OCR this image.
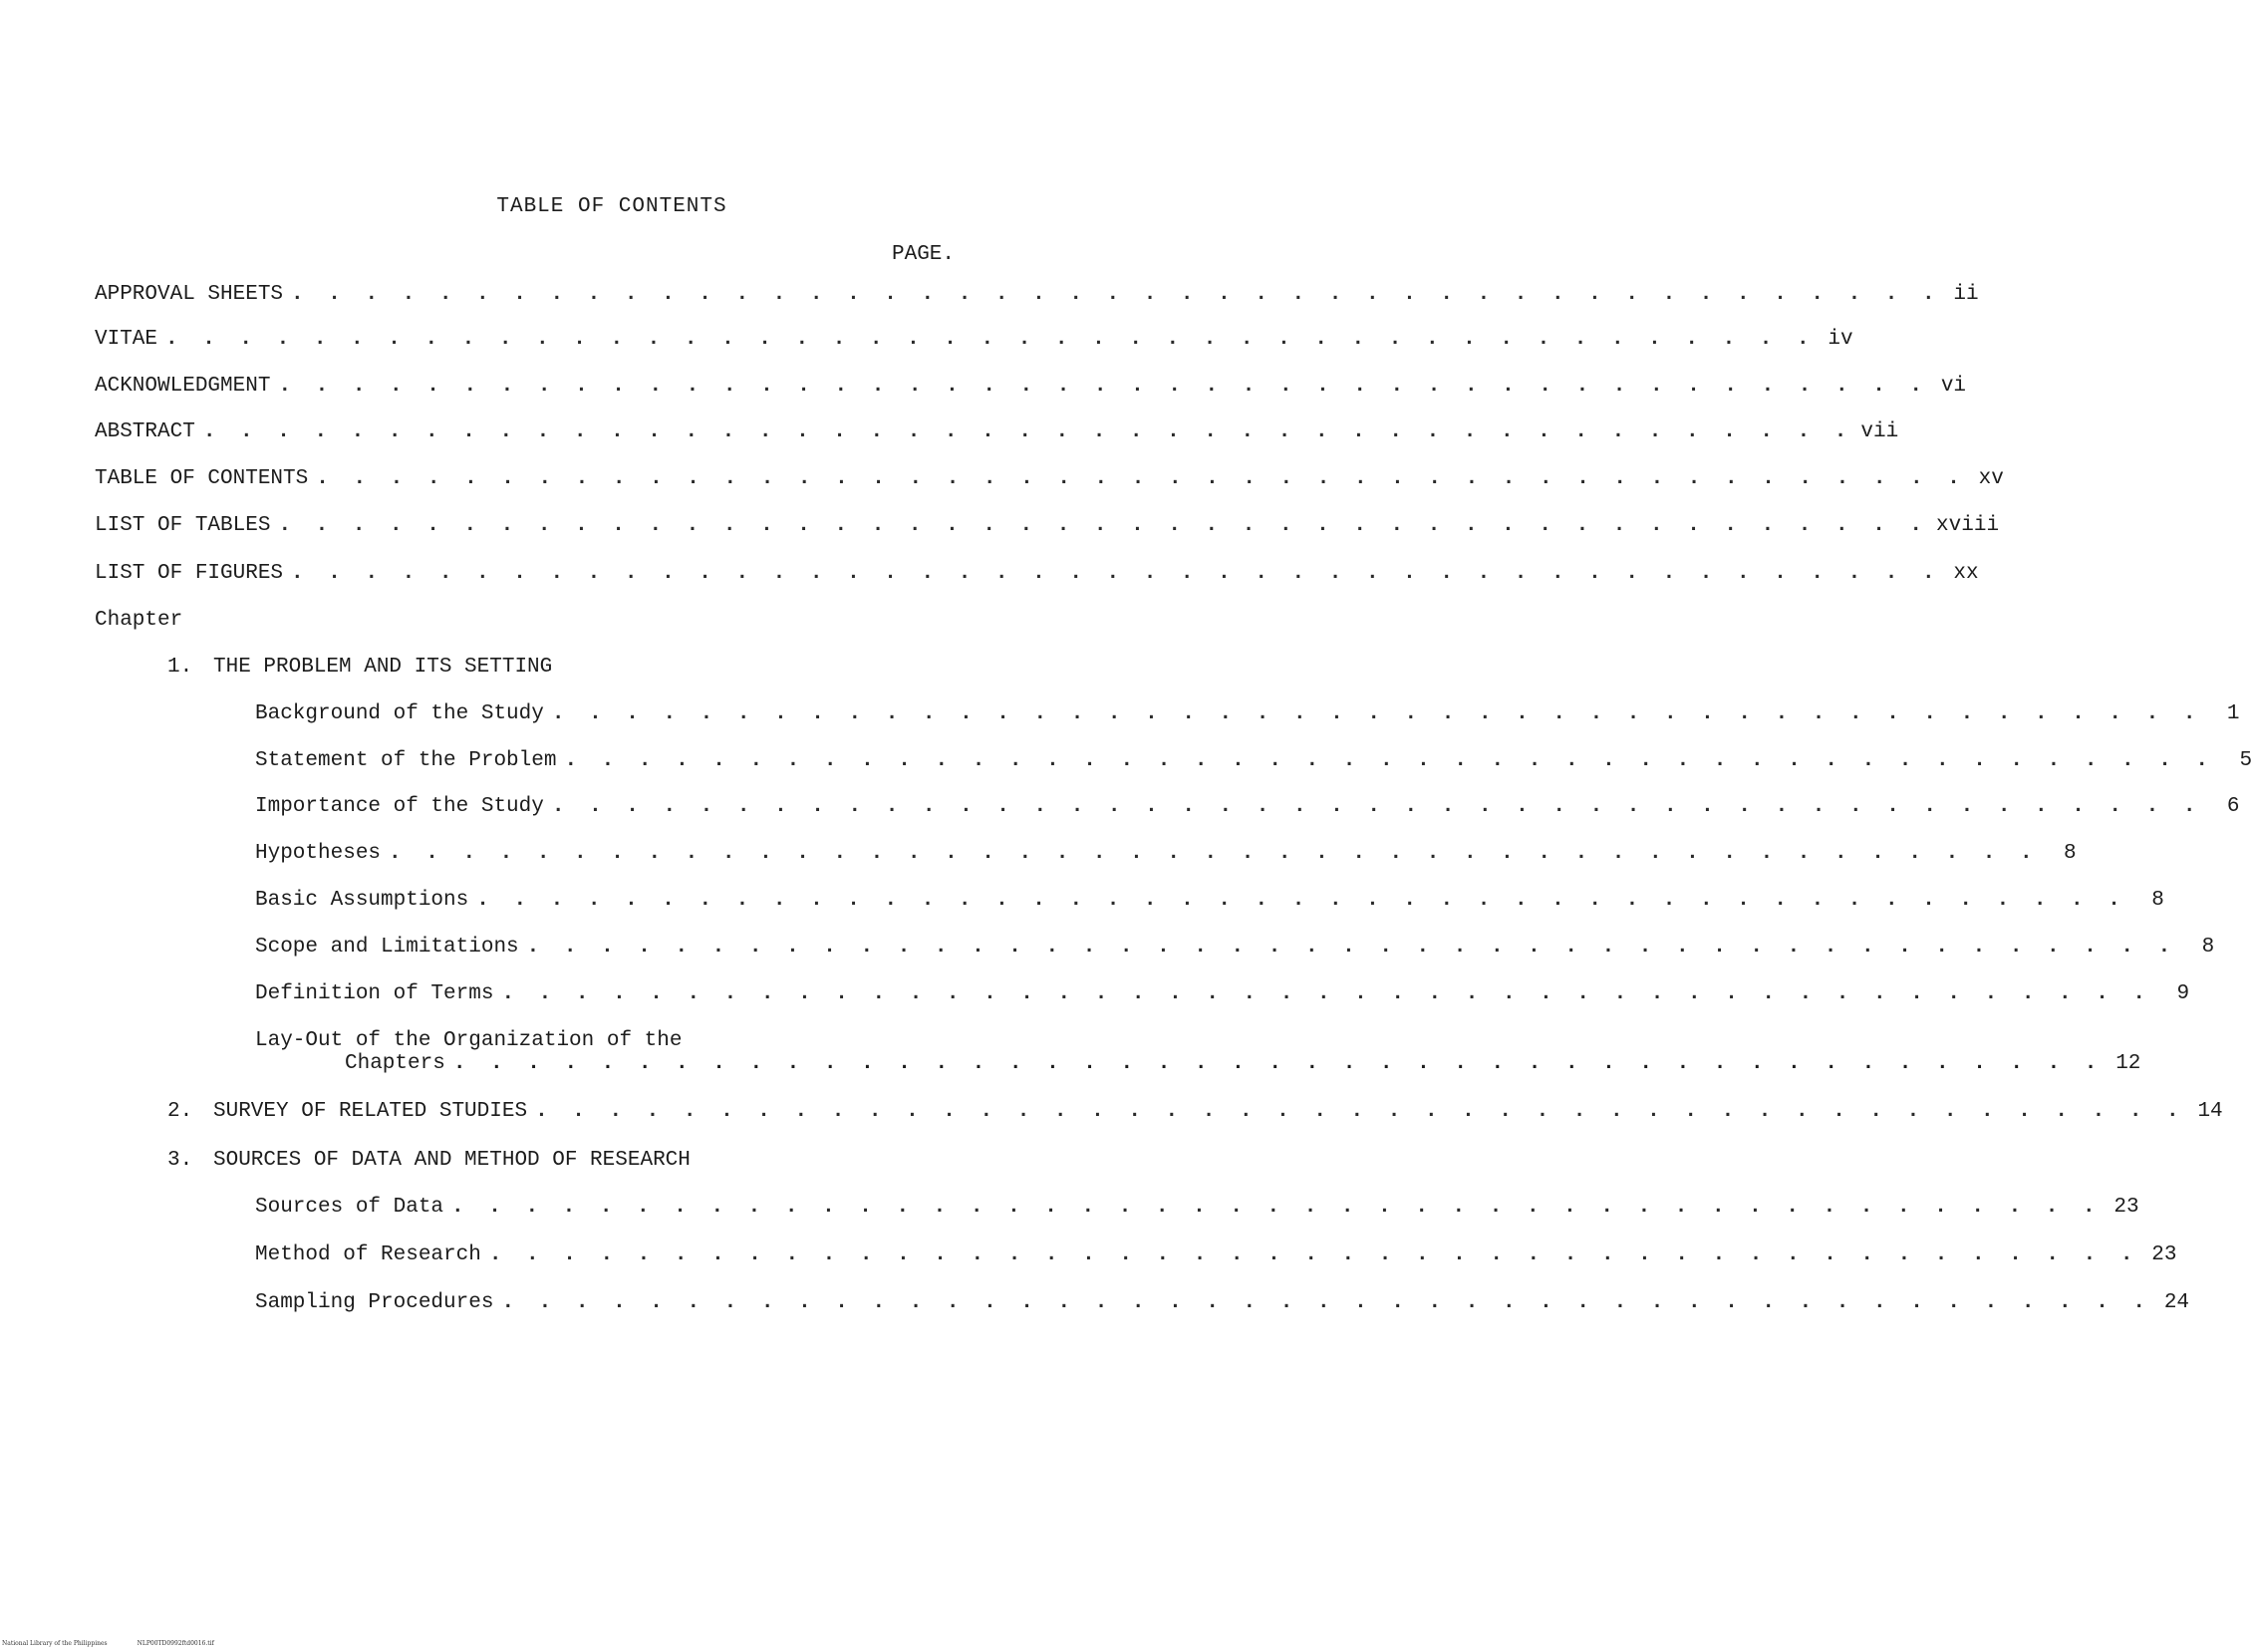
TABLE OF CONTENTS
PAGE.
APPROVAL SHEETS . . . . . . . . . . . . . . . . . . . . . . . . . . . . . . . . . . . . . . . . . . . . . ii
VITAE . . . . . . . . . . . . . . . . . . . . . . . . . . . . . . . . . . . . . . . . . . . . . iv
ACKNOWLEDGMENT . . . . . . . . . . . . . . . . . . . . . . . . . . . . . . . . . . . . . . . . . . . . . vi
ABSTRACT . . . . . . . . . . . . . . . . . . . . . . . . . . . . . . . . . . . . . . . . . . . . . vii
TABLE OF CONTENTS . . . . . . . . . . . . . . . . . . . . . . . . . . . . . . . . . . . . . . . . . . . . . xv
LIST OF TABLES . . . . . . . . . . . . . . . . . . . . . . . . . . . . . . . . . . . . . . . . . . . . . xviii
LIST OF FIGURES . . . . . . . . . . . . . . . . . . . . . . . . . . . . . . . . . . . . . . . . . . . . . xx
Chapter
1. THE PROBLEM AND ITS SETTING
Background of the Study . . . . . . . . . . . . . . . . . . . . . . . . . . . . . . . . . . . . . . . . . . . . .	1
Statement of the Problem . . . . . . . . . . . . . . . . . . . . . . . . . . . . . . . . . . . . . . . . . . . . .	5
Importance of the Study . . . . . . . . . . . . . . . . . . . . . . . . . . . . . . . . . . . . . . . . . . . . .	6
Hypotheses . . . . . . . . . . . . . . . . . . . . . . . . . . . . . . . . . . . . . . . . . . . . .	8
Basic Assumptions . . . . . . . . . . . . . . . . . . . . . . . . . . . . . . . . . . . . . . . . . . . . .	8
Scope and Limitations . . . . . . . . . . . . . . . . . . . . . . . . . . . . . . . . . . . . . . . . . . . . .	8
Definition of Terms . . . . . . . . . . . . . . . . . . . . . . . . . . . . . . . . . . . . . . . . . . . . .	9
Lay-Out of the Organization of the
Chapters . . . . . . . . . . . . . . . . . . . . . . . . . . . . . . . . . . . . . . . . . . . . . 12
2. SURVEY OF RELATED STUDIES . . . . . . . . . . . . . . . . . . . . . . . . . . . . . . . . . . . . . . . . . . . . . 14
3. SOURCES OF DATA AND METHOD OF RESEARCH
Sources of Data . . . . . . . . . . . . . . . . . . . . . . . . . . . . . . . . . . . . . . . . . . . . . 23
Method of Research . . . . . . . . . . . . . . . . . . . . . . . . . . . . . . . . . . . . . . . . . . . . . 23
Sampling Procedures . . . . . . . . . . . . . . . . . . . . . . . . . . . . . . . . . . . . . . . . . . . . . 24
National Library of the Philippines	NLP00TD0992ftd0016.tif
